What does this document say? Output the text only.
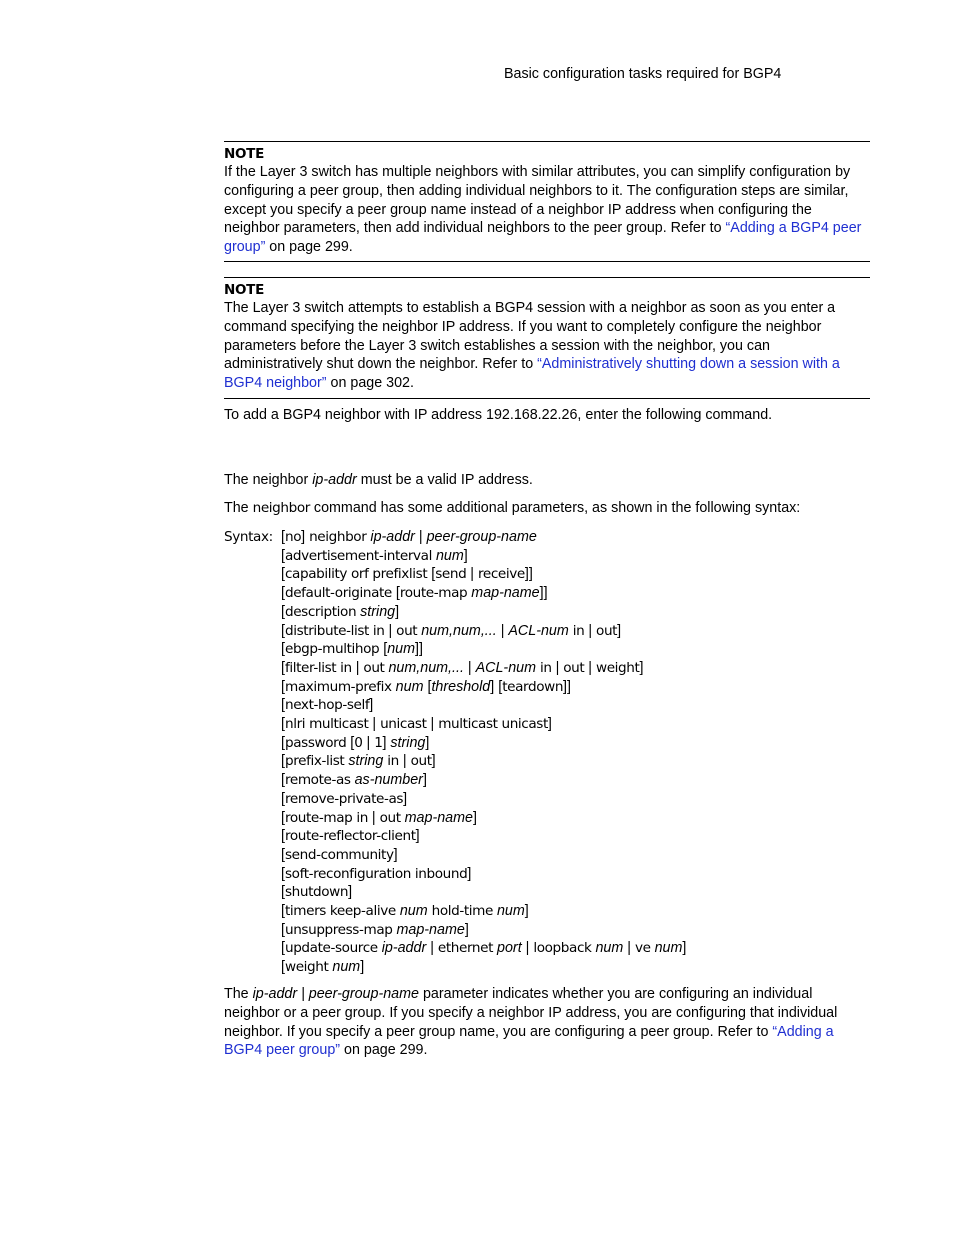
Basic configuration tasks required for BGP4
NOTE
If the Layer 3 switch has multiple neighbors with similar attributes, you can simplify configuration by configuring a peer group, then adding individual neighbors to it. The configuration steps are similar, except you specify a peer group name instead of a neighbor IP address when configuring the neighbor parameters, then add individual neighbors to the peer group. Refer to “Adding a BGP4 peer group” on page 299.
NOTE
The Layer 3 switch attempts to establish a BGP4 session with a neighbor as soon as you enter a command specifying the neighbor IP address. If you want to completely configure the neighbor parameters before the Layer 3 switch establishes a session with the neighbor, you can administratively shut down the neighbor. Refer to “Administratively shutting down a session with a BGP4 neighbor” on page 302.
To add a BGP4 neighbor with IP address 192.168.22.26, enter the following command.
The neighbor ip-addr must be a valid IP address.
The neighbor command has some additional parameters, as shown in the following syntax:
Syntax: [no] neighbor ip-addr | peer-group-name
[advertisement-interval num]
[capability orf prefixlist [send | receive]]
[default-originate [route-map map-name]]
[description string]
[distribute-list in | out num,num,... | ACL-num in | out]
[ebgp-multihop [num]]
[filter-list in | out num,num,... | ACL-num in | out | weight]
[maximum-prefix num [threshold] [teardown]]
[next-hop-self]
[nlri multicast | unicast | multicast unicast]
[password [0 | 1] string]
[prefix-list string in | out]
[remote-as as-number]
[remove-private-as]
[route-map in | out map-name]
[route-reflector-client]
[send-community]
[soft-reconfiguration inbound]
[shutdown]
[timers keep-alive num hold-time num]
[unsuppress-map map-name]
[update-source ip-addr | ethernet port | loopback num | ve num]
[weight num]
The ip-addr | peer-group-name parameter indicates whether you are configuring an individual neighbor or a peer group. If you specify a neighbor IP address, you are configuring that individual neighbor. If you specify a peer group name, you are configuring a peer group. Refer to “Adding a BGP4 peer group” on page 299.
